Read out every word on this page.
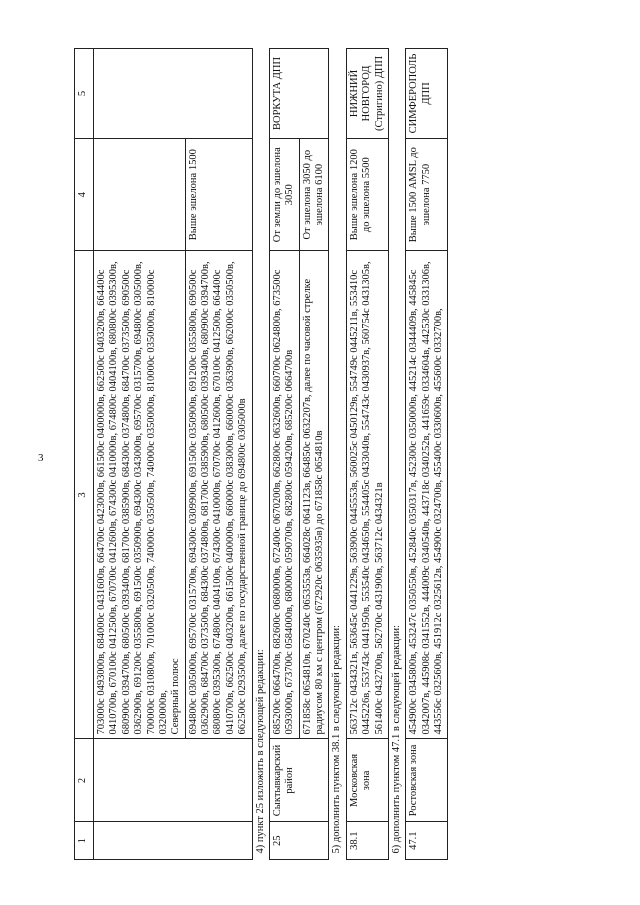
3
1	2	3	4	5

		703000c 0493000в, 684000c 0431600в, 664700c 0423000в, 661500c 0400000в, 662500c 0403200в, 664400c 0410700в, 670100c 0412500в, 670700c 0412600в, 674300c 0410000в, 674800c 0404100в, 680800c 0395300в, 680900c 0394700в, 680500c 0393400в, 681700c 0385900в, 684300c 0374800в, 684700c 0373500в, 690500c 0362900в, 691200c 0355800в, 691500c 0350900в, 694300c 0343000в, 695700c 0315700в, 694800c 0305000в, 700000c 0310800в, 701000c 0320500в, 740000c 0350500в, 740000c 0350000в, 810000c 0350000в, 810000c 0320000в, Северный полюс		

		694800c 0305000в, 695700c 0315700в, 694300c 0309900в, 691500c 0350900в, 691200c 0355800в, 690500c 0362900в, 684700c 0373500в, 684300c 0374800в, 681700c 0385900в, 680500c 0393400в, 680900c 0394700в, 680800c 0395300в, 674800c 0404100в, 674300c 0410000в, 670700c 0412600в, 670100c 0412500в, 664400c 0410700в, 662500c 0403200в, 661500c 0400000в, 660000c 0383000в, 660000c 0363900в, 662000c 0350500в, 662500c 0293500в, далее по государственной границе до 694800с 0305000в	Выше эшелона 1500	
4) пункт 25 изложить в следующей редакции:				
25	Сыктывкарский район	685200c 0664700в, 682600c 0680000в, 672400c 0670200в, 662800c 0632600в, 660700c 0624800в, 673500c 0593000в, 673700c 0584000в, 680000c 0590700в, 682800c 0594200в, 685200c 0664700в	От земли до эшелона 3050	ВОРКУТА ДПП
		671858c 0654810в, 670240c 0653553в, 664028c 0641123в, 664850c 0632207в, далее по часовой стрелке радиусом 80 км с центром (672920c 0635935в) до 671858c 0654810в	От эшелона 3050 до эшелона 6100	
5) дополнить пунктом 38.1 в следующей редакции:				
38.1	Московская зона	563712c 0434321в, 563645c 0441229в, 563900c 0445553в, 560025c 0450129в, 554749c 0445211в, 553410c 0445226в, 553743c 0441950в, 553540c 0434650в, 554405c 0433040в, 554743c 0430937в, 560754c 0431305в, 561400c 0432700в, 562700c 0431900в, 563712c 0434321в	Выше эшелона 1200 до эшелона 5500	НИЖНИЙ НОВГОРОД (Стригино) ДПП
6) дополнить пунктом 47.1 в следующей редакции:				
47.1	Ростовская зона	454900c 0345800в, 453247c 0350550в, 452840c 0350317в, 452300c 0350000в, 445214c 0344409в, 445845c 0342007в, 445908c 0341552в, 444009c 0340540в, 443718c 0340252в, 441659c 0334604в, 442530c 0331306в, 443556c 0325600в, 451912c 0325612в, 454900c 0324700в, 455400c 0330600в, 455600c 0332700в,	Выше 1500 AMSL до эшелона 7750	СИМФЕРОПОЛЬ ДПП
